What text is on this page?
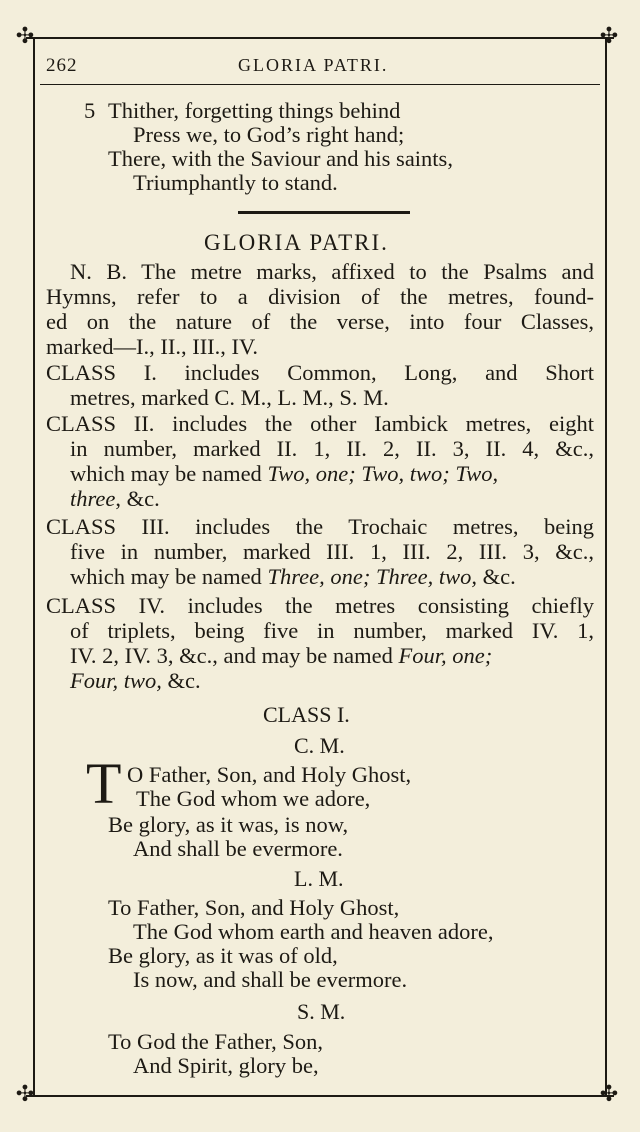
✣	✣
✣	✣
262	GLORIA PATRI.
5 Thither, forgetting things behind
Press we, to God’s right hand;
There, with the Saviour and his saints,
Triumphantly to stand.
GLORIA PATRI.
N. B. The metre marks, affixed to the Psalms and
Hymns, refer to a division of the metres, found-
ed on the nature of the verse, into four Classes,
marked—I., II., III., IV.
CLASS I. includes Common, Long, and Short
metres, marked C. M., L. M., S. M.
CLASS II. includes the other Iambick metres, eight
in number, marked II. 1, II. 2, II. 3, II. 4, &c.,
which may be named Two, one; Two, two; Two,
three, &c.
CLASS III. includes the Trochaic metres, being
five in number, marked III. 1, III. 2, III. 3, &c.,
which may be named Three, one; Three, two, &c.
CLASS IV. includes the metres consisting chiefly
of triplets, being five in number, marked IV. 1,
IV. 2, IV. 3, &c., and may be named Four, one;
Four, two, &c.
CLASS I.
C. M.
T O Father, Son, and Holy Ghost,
The God whom we adore,
Be glory, as it was, is now,
And shall be evermore.
L. M.
To Father, Son, and Holy Ghost,
The God whom earth and heaven adore,
Be glory, as it was of old,
Is now, and shall be evermore.
S. M.
To God the Father, Son,
And Spirit, glory be,
